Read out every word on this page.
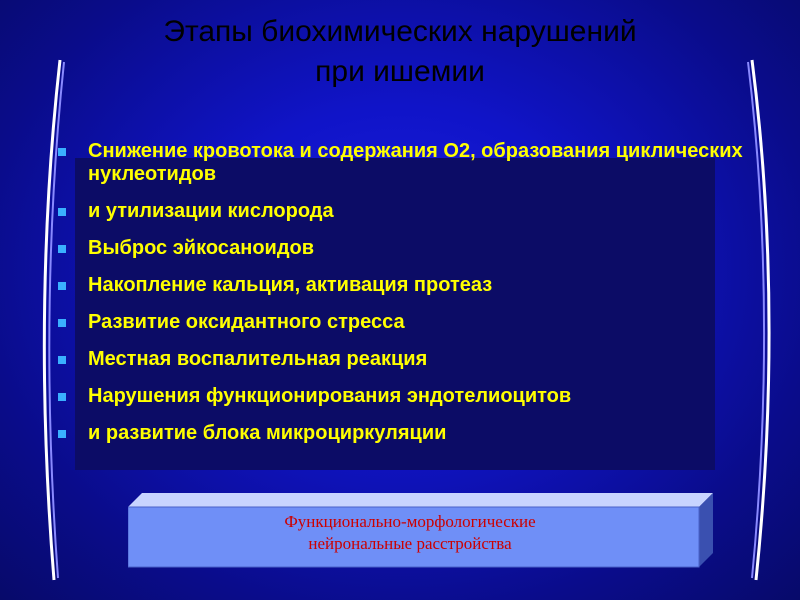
Этапы биохимических нарушений
при ишемии
Снижение кровотока и содержания О2, образования циклических нуклеотидов
и утилизации кислорода
Выброс эйкосаноидов
Накопление кальция, активация протеаз
Развитие оксидантного стресса
Местная воспалительная реакция
Нарушения функционирования эндотелиоцитов
и развитие блока микроциркуляции
Функционально-морфологические
нейрональные расстройства
